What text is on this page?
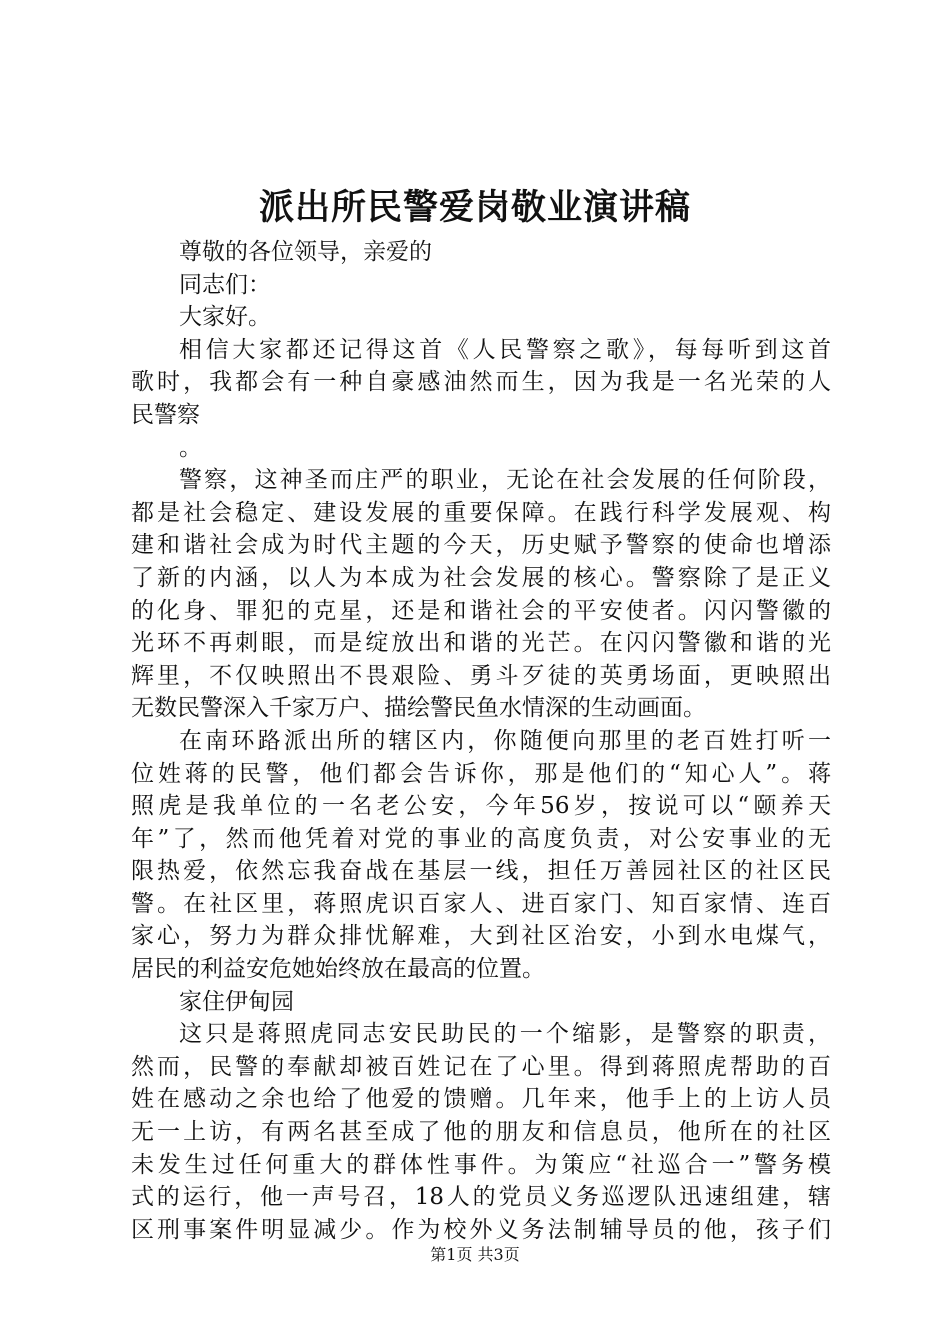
派出所民警爱岗敬业演讲稿
尊敬的各位领导，亲爱的
同志们：
大家好。
相信大家都还记得这首《人民警察之歌》，每每听到这首
歌时，我都会有一种自豪感油然而生，因为我是一名光荣的人
民警察
。
警察，这神圣而庄严的职业，无论在社会发展的任何阶段，
都是社会稳定、建设发展的重要保障。在践行科学发展观、构
建和谐社会成为时代主题的今天，历史赋予警察的使命也增添
了新的内涵，以人为本成为社会发展的核心。警察除了是正义
的化身、罪犯的克星，还是和谐社会的平安使者。闪闪警徽的
光环不再刺眼，而是绽放出和谐的光芒。在闪闪警徽和谐的光
辉里，不仅映照出不畏艰险、勇斗歹徒的英勇场面，更映照出
无数民警深入千家万户、描绘警民鱼水情深的生动画面。
在南环路派出所的辖区内，你随便向那里的老百姓打听一
位姓蒋的民警，他们都会告诉你，那是他们的“知心人”。蒋
照虎是我单位的一名老公安，今年56岁，按说可以“颐养天
年”了，然而他凭着对党的事业的高度负责，对公安事业的无
限热爱，依然忘我奋战在基层一线，担任万善园社区的社区民
警。在社区里，蒋照虎识百家人、进百家门、知百家情、连百
家心，努力为群众排忧解难，大到社区治安，小到水电煤气，
居民的利益安危她始终放在最高的位置。
家住伊甸园
这只是蒋照虎同志安民助民的一个缩影，是警察的职责，
然而，民警的奉献却被百姓记在了心里。得到蒋照虎帮助的百
姓在感动之余也给了他爱的馈赠。几年来，他手上的上访人员
无一上访，有两名甚至成了他的朋友和信息员，他所在的社区
未发生过任何重大的群体性事件。为策应“社巡合一”警务模
式的运行，他一声号召，18人的党员义务巡逻队迅速组建，辖
区刑事案件明显减少。作为校外义务法制辅导员的他，孩子们
第1页 共3页
